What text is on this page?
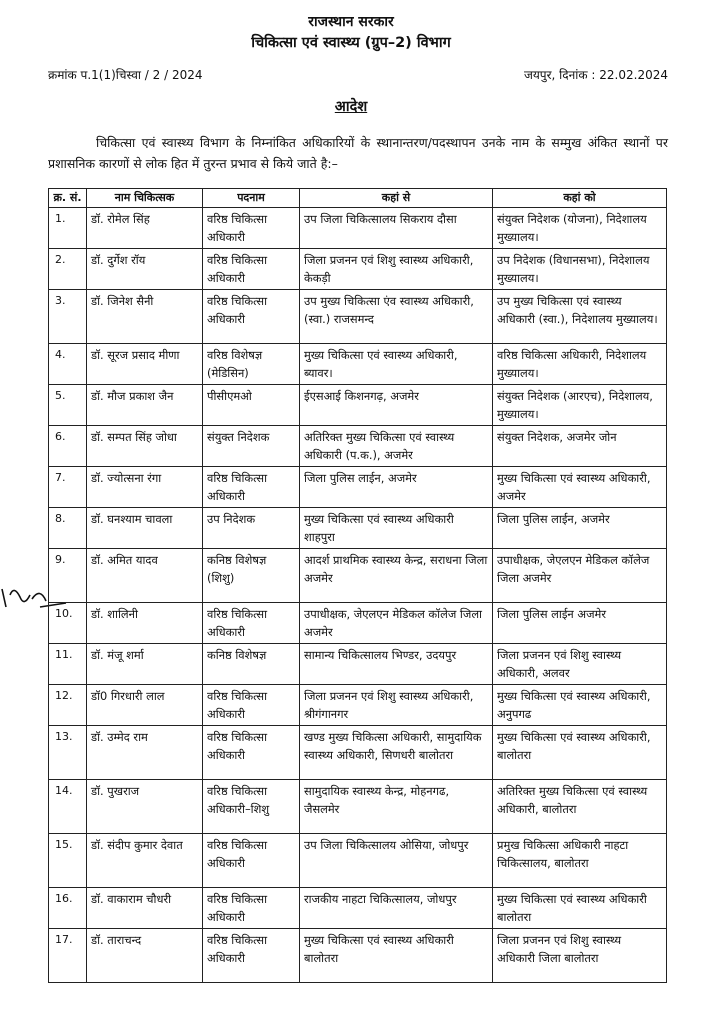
राजस्थान सरकार
चिकित्सा एवं स्वास्थ्य (ग्रुप–2) विभाग
क्रमांक प.1(1)चिस्वा / 2 / 2024	जयपुर, दिनांक : 22.02.2024
आदेश
चिकित्सा एवं स्वास्थ्य विभाग के निम्नांकित अधिकारियों के स्थानान्तरण/पदस्थापन उनके नाम के सम्मुख अंकित स्थानों पर प्रशासनिक कारणों से लोक हित में तुरन्त प्रभाव से किये जाते है:–
क्र. सं.	नाम चिकित्सक	पदनाम	कहां से	कहां को
1.	डॉ. रोमेल सिंह	वरिष्ठ चिकित्सा अधिकारी	उप जिला चिकित्सालय सिकराय दौसा	संयुक्त निदेशक (योजना), निदेशालय मुख्यालय।
2.	डॉ. दुर्गेश रॉय	वरिष्ठ चिकित्सा अधिकारी	जिला प्रजनन एवं शिशु स्वास्थ्य अधिकारी, केकड़ी	उप निदेशक (विधानसभा), निदेशालय मुख्यालय।
3.	डॉ. जिनेश सैनी	वरिष्ठ चिकित्सा अधिकारी	उप मुख्य चिकित्सा एंव स्वास्थ्य अधिकारी, (स्वा.) राजसमन्द	उप मुख्य चिकित्सा एवं स्वास्थ्य अधिकारी (स्वा.), निदेशालय मुख्यालय।
4.	डॉ. सूरज प्रसाद मीणा	वरिष्ठ विशेषज्ञ (मेडिसिन)	मुख्य चिकित्सा एवं स्वास्थ्य अधिकारी, ब्यावर।	वरिष्ठ चिकित्सा अधिकारी, निदेशालय मुख्यालय।
5.	डॉ. मौज प्रकाश जैन	पीसीएमओ	ईएसआई किशनगढ़, अजमेर	संयुक्त निदेशक (आरएच), निदेशालय, मुख्यालय।
6.	डॉ. सम्पत सिंह जोधा	संयुक्त निदेशक	अतिरिक्त मुख्य चिकित्सा एवं स्वास्थ्य अधिकारी (प.क.), अजमेर	संयुक्त निदेशक, अजमेर जोन
7.	डॉ. ज्योत्सना रंगा	वरिष्ठ चिकित्सा अधिकारी	जिला पुलिस लाईन, अजमेर	मुख्य चिकित्सा एवं स्वास्थ्य अधिकारी, अजमेर
8.	डॉ. घनश्याम चावला	उप निदेशक	मुख्य चिकित्सा एवं स्वास्थ्य अधिकारी शाहपुरा	जिला पुलिस लाईन, अजमेर
9.	डॉ. अमित यादव	कनिष्ठ विशेषज्ञ (शिशु)	आदर्श प्राथमिक स्वास्थ्य केन्द्र, सराधना जिला अजमेर	उपाधीक्षक, जेएलएन मेडिकल कॉलेज जिला अजमेर
10.	डॉ. शालिनी	वरिष्ठ चिकित्सा अधिकारी	उपाधीक्षक, जेएलएन मेडिकल कॉलेज जिला अजमेर	जिला पुलिस लाईन अजमेर
11.	डॉ. मंजू शर्मा	कनिष्ठ विशेषज्ञ	सामान्य चिकित्सालय भिण्डर, उदयपुर	जिला प्रजनन एवं शिशु स्वास्थ्य अधिकारी, अलवर
12.	डॉ0 गिरधारी लाल	वरिष्ठ चिकित्सा अधिकारी	जिला प्रजनन एवं शिशु स्वास्थ्य अधिकारी, श्रीगंगानगर	मुख्य चिकित्सा एवं स्वास्थ्य अधिकारी, अनुपगढ
13.	डॉ. उम्मेद राम	वरिष्ठ चिकित्सा अधिकारी	खण्ड मुख्य चिकित्सा अधिकारी, सामुदायिक स्वास्थ्य अधिकारी, सिणधरी बालोतरा	मुख्य चिकित्सा एवं स्वास्थ्य अधिकारी, बालोतरा
14.	डॉ. पुखराज	वरिष्ठ चिकित्सा अधिकारी–शिशु	सामुदायिक स्वास्थ्य केन्द्र, मोहनगढ, जैसलमेर	अतिरिक्त मुख्य चिकित्सा एवं स्वास्थ्य अधिकारी, बालोतरा
15.	डॉ. संदीप कुमार देवात	वरिष्ठ चिकित्सा अधिकारी	उप जिला चिकित्सालय ओसिया, जोधपुर	प्रमुख चिकित्सा अधिकारी नाहटा चिकित्सालय, बालोतरा
16.	डॉ. वाकाराम चौधरी	वरिष्ठ चिकित्सा अधिकारी	राजकीय नाहटा चिकित्सालय, जोधपुर	मुख्य चिकित्सा एवं स्वास्थ्य अधिकारी बालोतरा
17.	डॉ. ताराचन्द	वरिष्ठ चिकित्सा अधिकारी	मुख्य चिकित्सा एवं स्वास्थ्य अधिकारी बालोतरा	जिला प्रजनन एवं शिशु स्वास्थ्य अधिकारी जिला बालोतरा
